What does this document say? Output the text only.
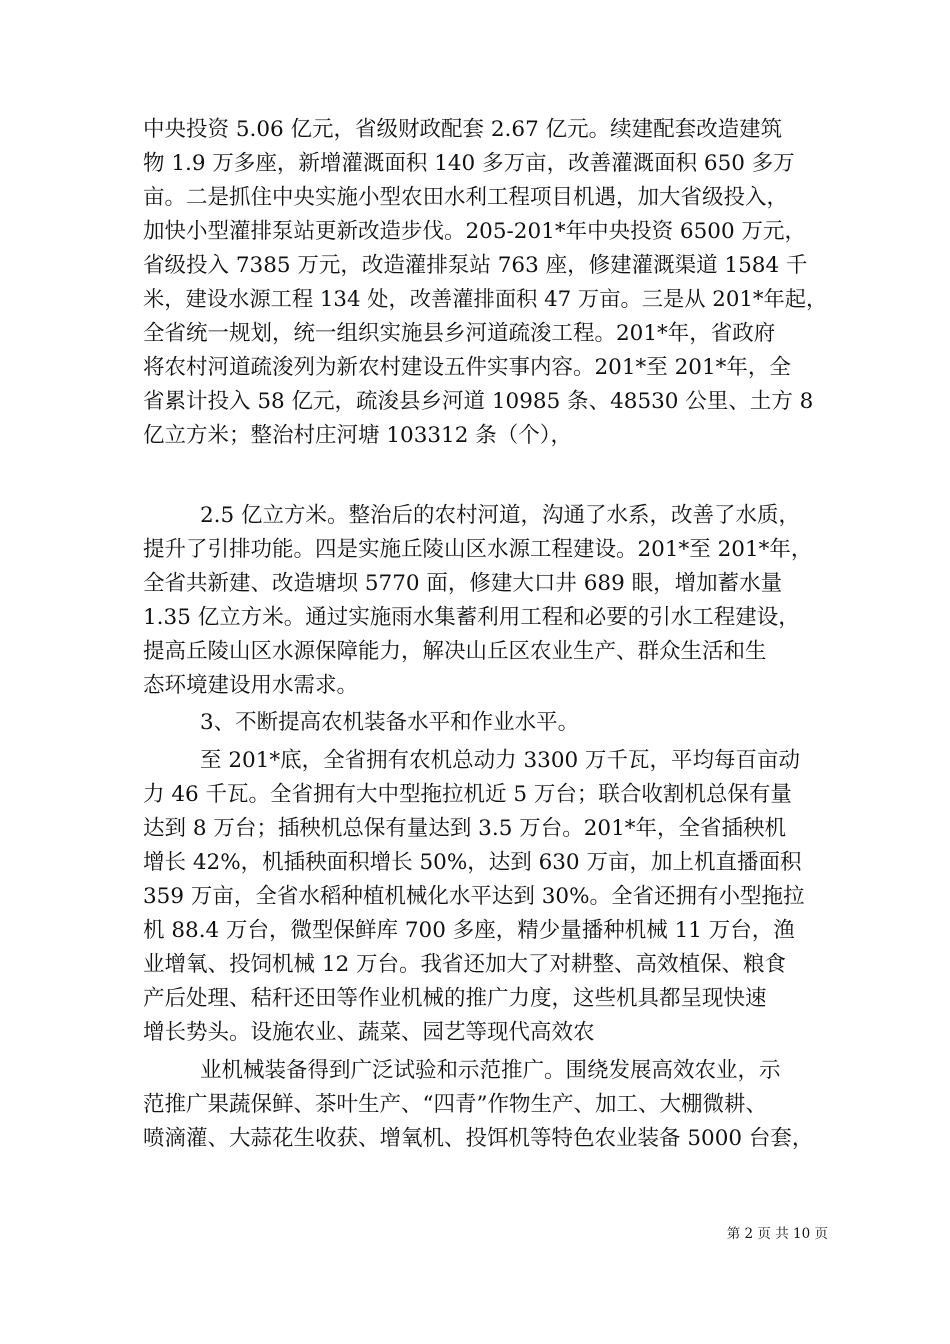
中央投资 5.06 亿元，省级财政配套 2.67 亿元。续建配套改造建筑
物 1.9 万多座，新增灌溉面积 140 多万亩，改善灌溉面积 650 多万
亩。二是抓住中央实施小型农田水利工程项目机遇，加大省级投入，
加快小型灌排泵站更新改造步伐。205-201*年中央投资 6500 万元，
省级投入 7385 万元，改造灌排泵站 763 座，修建灌溉渠道 1584 千
米，建设水源工程 134 处，改善灌排面积 47 万亩。三是从 201*年起，
全省统一规划，统一组织实施县乡河道疏浚工程。201*年，省政府
将农村河道疏浚列为新农村建设五件实事内容。201*至 201*年，全
省累计投入 58 亿元，疏浚县乡河道 10985 条、48530 公里、土方 8
亿立方米；整治村庄河塘 103312 条（个），
2.5 亿立方米。整治后的农村河道，沟通了水系，改善了水质，
提升了引排功能。四是实施丘陵山区水源工程建设。201*至 201*年，
全省共新建、改造塘坝 5770 面，修建大口井 689 眼，增加蓄水量
1.35 亿立方米。通过实施雨水集蓄利用工程和必要的引水工程建设，
提高丘陵山区水源保障能力，解决山丘区农业生产、群众生活和生
态环境建设用水需求。
3、不断提高农机装备水平和作业水平。
至 201*底，全省拥有农机总动力 3300 万千瓦，平均每百亩动
力 46 千瓦。全省拥有大中型拖拉机近 5 万台；联合收割机总保有量
达到 8 万台；插秧机总保有量达到 3.5 万台。201*年，全省插秧机
增长 42%，机插秧面积增长 50%，达到 630 万亩，加上机直播面积
359 万亩，全省水稻种植机械化水平达到 30%。全省还拥有小型拖拉
机 88.4 万台，微型保鲜库 700 多座，精少量播种机械 11 万台，渔
业增氧、投饲机械 12 万台。我省还加大了对耕整、高效植保、粮食
产后处理、秸秆还田等作业机械的推广力度，这些机具都呈现快速
增长势头。设施农业、蔬菜、园艺等现代高效农
业机械装备得到广泛试验和示范推广。围绕发展高效农业，示
范推广果蔬保鲜、茶叶生产、“四青”作物生产、加工、大棚微耕、
喷滴灌、大蒜花生收获、增氧机、投饵机等特色农业装备 5000 台套，
第 2 页 共 10 页
